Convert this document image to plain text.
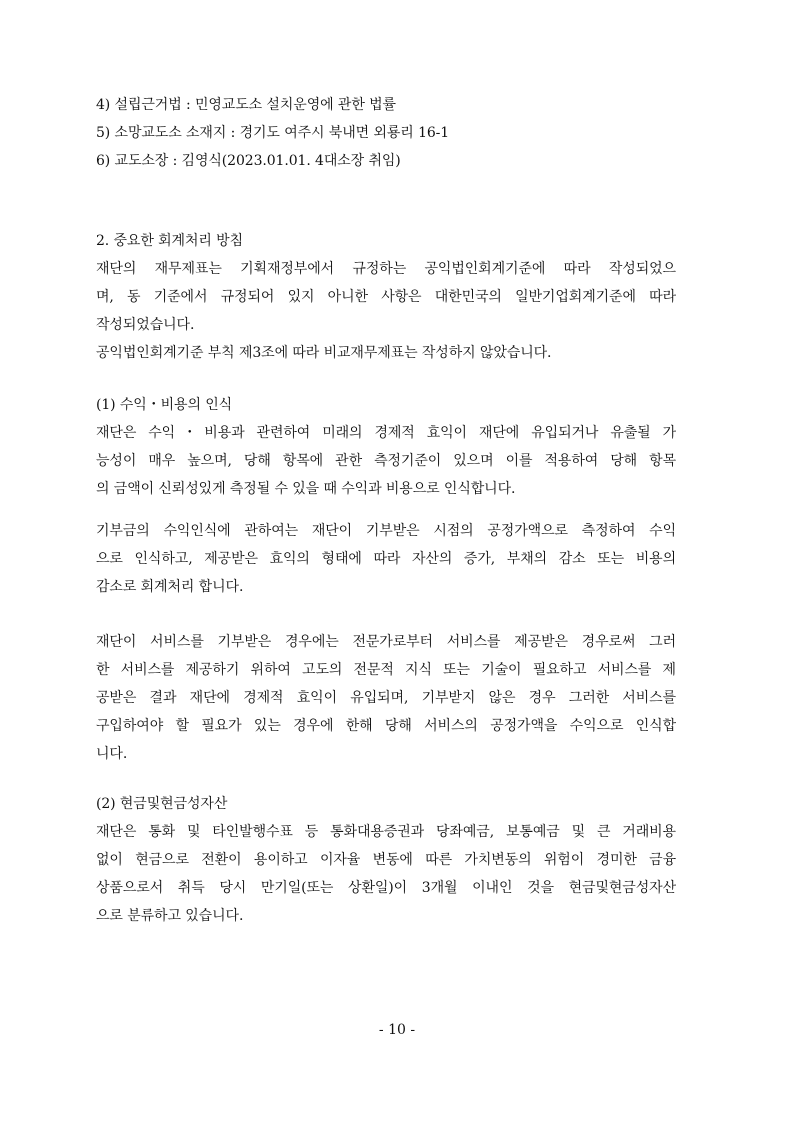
4) 설립근거법 : 민영교도소 설치운영에 관한 법률
5) 소망교도소 소재지 : 경기도 여주시 북내면 외룡리 16-1
6) 교도소장 : 김영식(2023.01.01. 4대소장 취임)
2. 중요한 회계처리 방침
재단의 재무제표는 기획재정부에서 규정하는 공익법인회계기준에 따라 작성되었으
며, 동 기준에서 규정되어 있지 아니한 사항은 대한민국의 일반기업회계기준에 따라
작성되었습니다.
공익법인회계기준 부칙 제3조에 따라 비교재무제표는 작성하지 않았습니다.
(1) 수익・비용의 인식
재단은 수익・비용과 관련하여 미래의 경제적 효익이 재단에 유입되거나 유출될 가
능성이 매우 높으며, 당해 항목에 관한 측정기준이 있으며 이를 적용하여 당해 항목
의 금액이 신뢰성있게 측정될 수 있을 때 수익과 비용으로 인식합니다.
기부금의 수익인식에 관하여는 재단이 기부받은 시점의 공정가액으로 측정하여 수익
으로 인식하고, 제공받은 효익의 형태에 따라 자산의 증가, 부채의 감소 또는 비용의
감소로 회계처리 합니다.
재단이 서비스를 기부받은 경우에는 전문가로부터 서비스를 제공받은 경우로써 그러
한 서비스를 제공하기 위하여 고도의 전문적 지식 또는 기술이 필요하고 서비스를 제
공받은 결과 재단에 경제적 효익이 유입되며, 기부받지 않은 경우 그러한 서비스를
구입하여야 할 필요가 있는 경우에 한해 당해 서비스의 공정가액을 수익으로 인식합
니다.
(2) 현금및현금성자산
재단은 통화 및 타인발행수표 등 통화대용증권과 당좌예금, 보통예금 및 큰 거래비용
없이 현금으로 전환이 용이하고 이자율 변동에 따른 가치변동의 위험이 경미한 금융
상품으로서 취득 당시 만기일(또는 상환일)이 3개월 이내인 것을 현금및현금성자산
으로 분류하고 있습니다.
- 10 -
